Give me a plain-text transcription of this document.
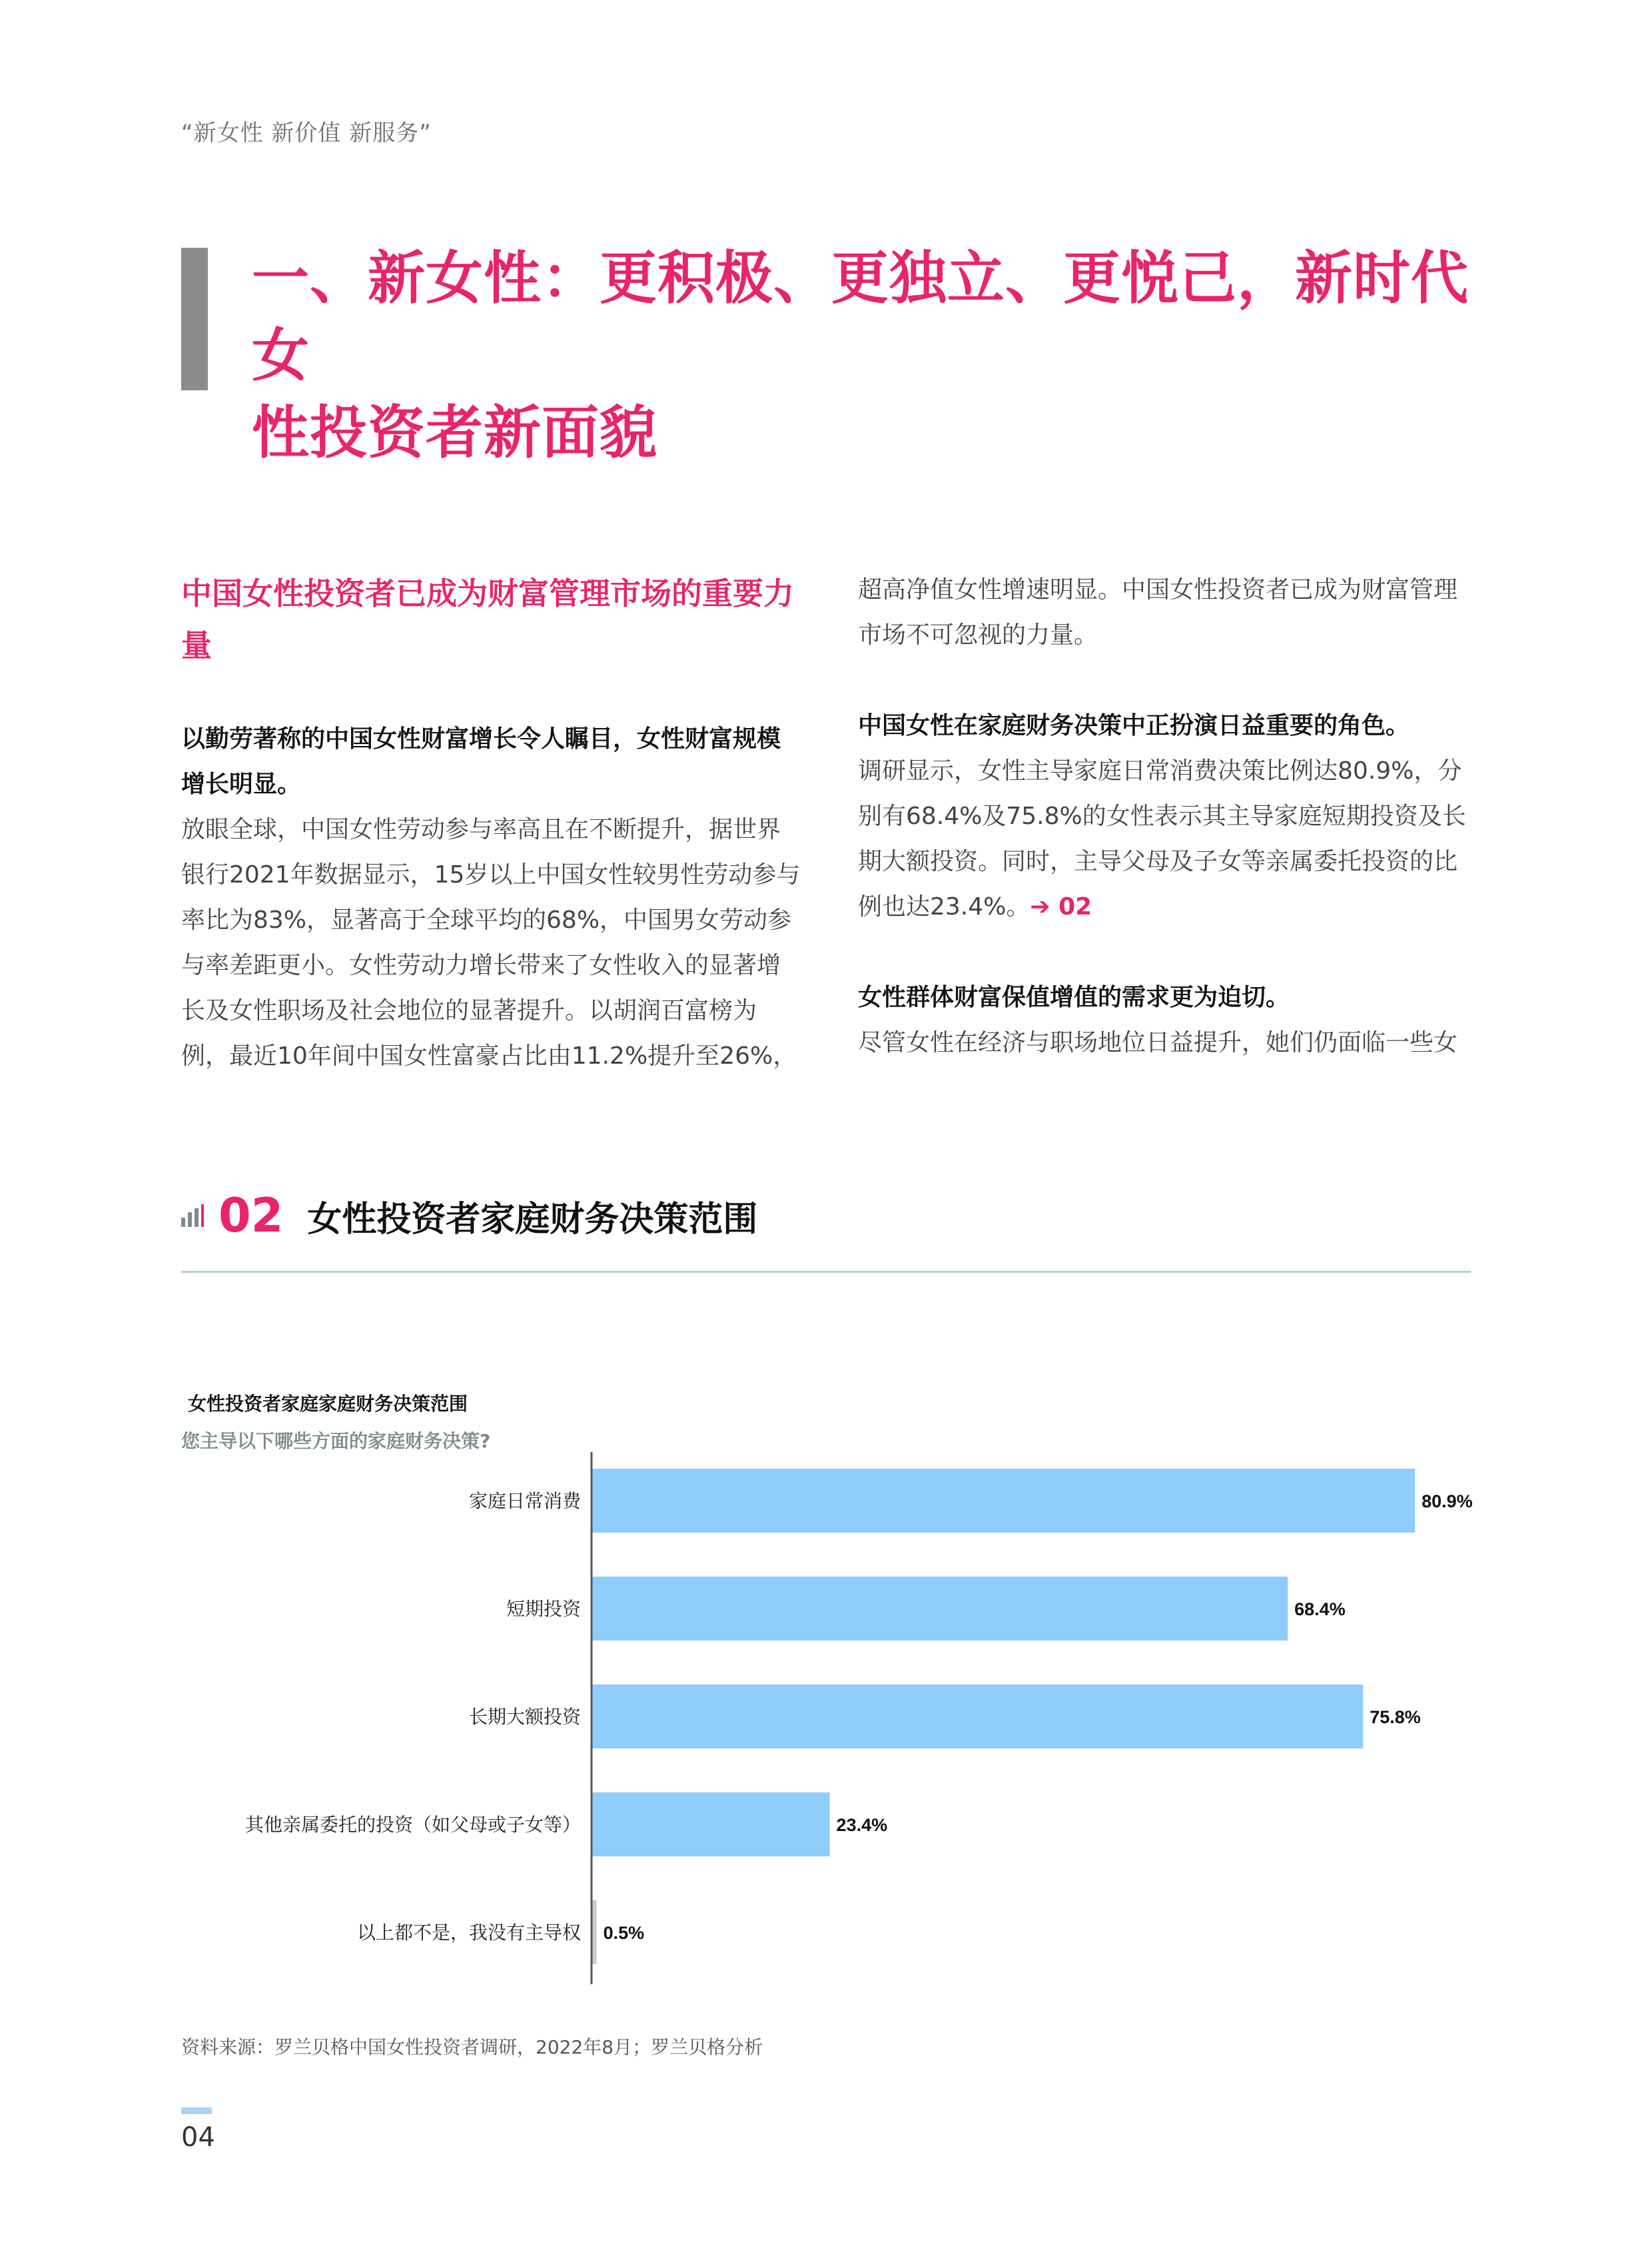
“新女性 新价值 新服务”
一、新女性：更积极、更独立、更悦己，新时代女
性投资者新面貌

中国女性投资者已成为财富管理市场的重要力量

以勤劳著称的中国女性财富增长令人瞩目，女性财富规模增长明显。

放眼全球，中国女性劳动参与率高且在不断提升，据世界银行2021年数据显示，15岁以上中国女性较男性劳动参与率比为83%，显著高于全球平均的68%，中国男女劳动参与率差距更小。女性劳动力增长带来了女性收入的显著增长及女性职场及社会地位的显著提升。以胡润百富榜为例，最近10年间中国女性富豪占比由11.2%提升至26%，

超高净值女性增速明显。中国女性投资者已成为财富管理市场不可忽视的力量。

中国女性在家庭财务决策中正扮演日益重要的角色。

调研显示，女性主导家庭日常消费决策比例达80.9%，分别有68.4%及75.8%的女性表示其主导家庭短期投资及长期大额投资。同时，主导父母及子女等亲属委托投资的比例也达23.4%。➔ 02

女性群体财富保值增值的需求更为迫切。

尽管女性在经济与职场地位日益提升，她们仍面临一些女

02 女性投资者家庭财务决策范围
女性投资者家庭家庭财务决策范围
您主导以下哪些方面的家庭财务决策?
家庭日常消费	80.9%
短期投资	68.4%
长期大额投资	75.8%
其他亲属委托的投资（如父母或子女等）	23.4%
以上都不是，我没有主导权 0.5%
资料来源：罗兰贝格中国女性投资者调研，2022年8月；罗兰贝格分析
04
